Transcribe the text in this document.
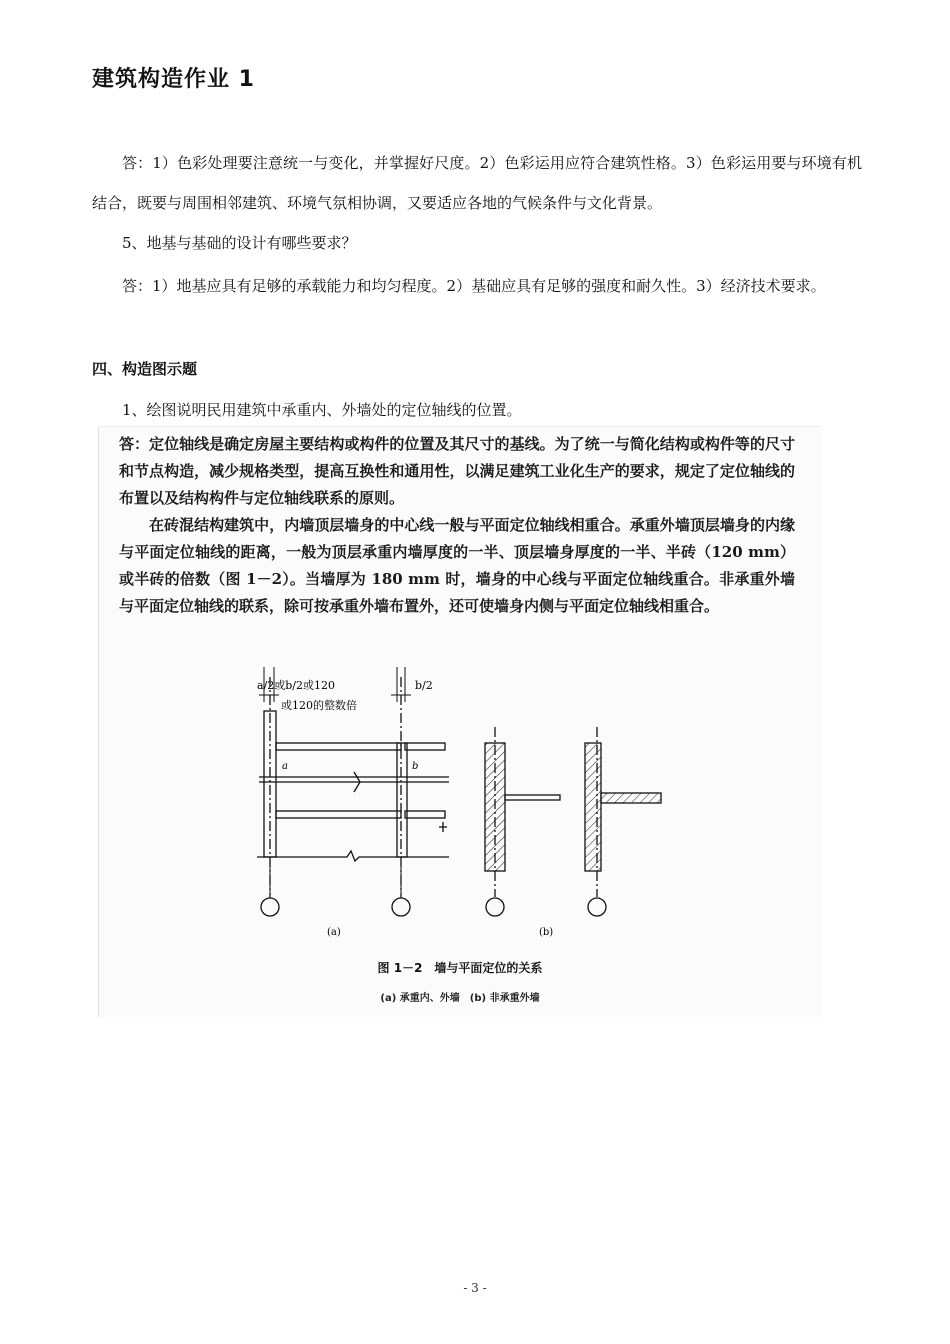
建筑构造作业 1
答：1）色彩处理要注意统一与变化，并掌握好尺度。2）色彩运用应符合建筑性格。3）色彩运用要与环境有机结合，既要与周围相邻建筑、环境气氛相协调，又要适应各地的气候条件与文化背景。
5、地基与基础的设计有哪些要求？
答：1）地基应具有足够的承载能力和均匀程度。2）基础应具有足够的强度和耐久性。3）经济技术要求。
四、构造图示题
1、绘图说明民用建筑中承重内、外墙处的定位轴线的位置。

答：定位轴线是确定房屋主要结构或构件的位置及其尺寸的基线。为了统一与简化结构或构件等的尺寸和节点构造，减少规格类型，提高互换性和通用性，以满足建筑工业化生产的要求，规定了定位轴线的布置以及结构构件与定位轴线联系的原则。

在砖混结构建筑中，内墙顶层墙身的中心线一般与平面定位轴线相重合。承重外墙顶层墙身的内缘与平面定位轴线的距离，一般为顶层承重内墙厚度的一半、顶层墙身厚度的一半、半砖（120 mm）或半砖的倍数（图 1－2）。当墙厚为 180 mm 时，墙身的中心线与平面定位轴线重合。非承重外墙与平面定位轴线的联系，除可按承重外墙布置外，还可使墙身内侧与平面定位轴线相重合。

a/2或b/2或120
或120的整数倍
b/2
a	b
(a)	(b)
图 1－2　墙与平面定位的关系
(a) 承重内、外墙　(b) 非承重外墙
- 3 -
